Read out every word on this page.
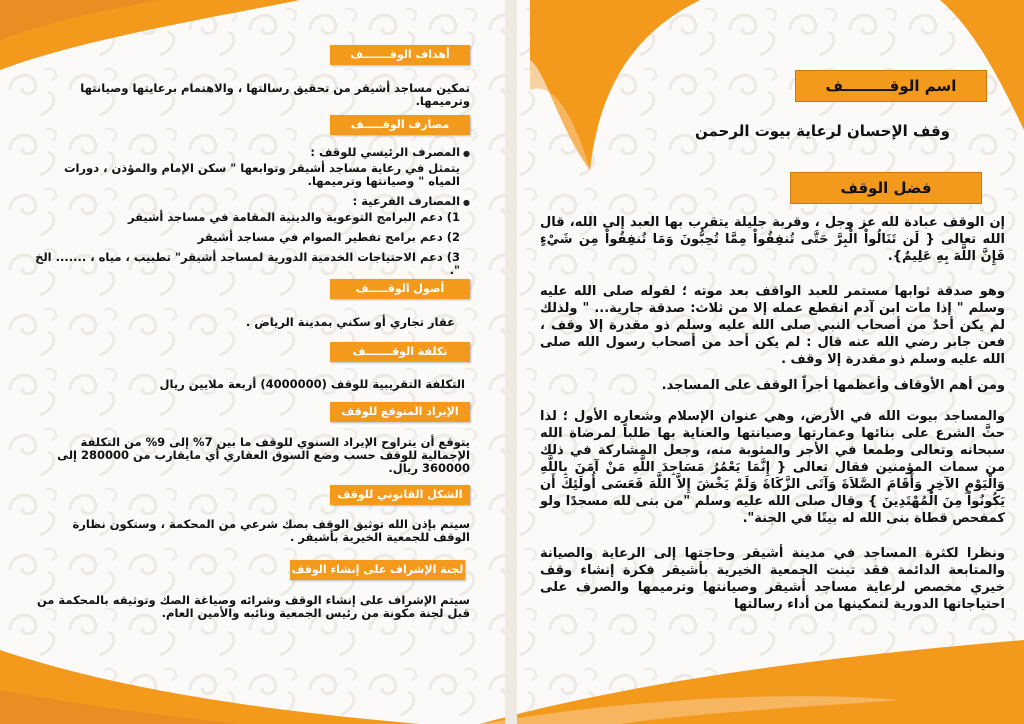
أهداف الوقـــــــف
تمكين مساجد أشيقر من تحقيق رسالتها ، والاهتمام برعايتها وصيانتها وترميمها.
مصارف الوقـــــف
● المصرف الرئيسي للوقف :
يتمثل في رعاية مساجد أشيقر وتوابعها " سكن الإمام والمؤذن ، دورات المياه " وصيانتها وترميمها.
● المصارف الفرعية :
1) دعم البرامج التوعوية والدينية المقامة في مساجد أشيقر
2) دعم برامج تفطير الصوام في مساجد أشيقر
3) دعم الاحتياجات الخدمية الدورية لمساجد أشيقر" تطبيب ، مياه ، ....... الخ ".
أصول الوقـــــف
عقار تجاري أو سكني بمدينة الرياض .
تكلفة الوقـــــــف
التكلفة التقريبية للوقف (4000000) أربعة ملايين ريال
الإيراد المتوقع للوقف
يتوقع أن يتراوح الإيراد السنوي للوقف ما بين 7% إلى 9% من التكلفة الإجمالية للوقف حسب وضع السوق العقاري أي مايقارب من 280000 إلى 360000 ريال.
الشكل القانوني للوقف
سيتم بإذن الله توثيق الوقف بصك شرعي من المحكمة ، وستكون نظارة الوقف للجمعية الخيرية بأشيقر .
لجنة الإشراف على إنشاء الوقف
سيتم الإشراف على إنشاء الوقف وشرائه وصياغة الصك وتوثيقه بالمحكمة من قبل لجنة مكونة من رئيس الجمعية ونائبه والأمين العام.
اسم الوقـــــــــف
وقف الإحسان لرعاية بيوت الرحمن
فضل الوقف
إن الوقف عبادة لله عز وجل ، وقربة جليلة يتقرب بها العبد إلى الله، قال الله تعالى { لَن تَنَالُواْ الْبِرَّ حَتَّى تُنفِقُواْ مِمَّا تُحِبُّونَ وَمَا تُنفِقُواْ مِن شَيْءٍ فَإِنَّ اللَّهَ بِهِ عَلِيمٌ}.
وهو صدقة ثوابها مستمر للعبد الواقف بعد موته ؛ لقوله صلى الله عليه وسلم " إذا مات ابن آدم انقطع عمله إلا من ثلاث: صدقة جارية... " ولذلك لم يكن أحدٌ من أصحاب النبي صلى الله عليه وسلم ذو مقدرة إلا وقف ، فعن جابر رضي الله عنه قال : لم يكن أحد من أصحاب رسول الله صلى الله عليه وسلم ذو مقدرة إلا وقف .
ومن أهم الأوقاف وأعظمها أجراً الوقف على المساجد.
والمساجد بيوت الله في الأرض، وهي عنوان الإسلام وشعاره الأول ؛ لذا حثَّ الشرع على بنائها وعمارتها وصيانتها والعناية بها طلباً لمرضاة الله سبحانه وتعالى وطمعا في الأجر والمثوبة منه، وجعل المشاركة في ذلك من سمات المؤمنين فقال تعالى { إِنَّمَا يَعْمُرُ مَسَاجِدَ اللَّهِ مَنْ آمَنَ بِاللَّهِ وَالْيَوْمِ الآخِرِ وَأَقَامَ الصَّلاَةَ وَآتَى الزَّكَاةَ وَلَمْ يَخْشَ إِلاَّ اللَّهَ فَعَسَى أُولَئِكَ أَن يَكُونُواْ مِنَ الْمُهْتَدِينَ } وقال صلى الله عليه وسلم "من بنى لله مسجدًا ولو كمفحص قطاة بنى الله له بيتًا في الجنة".
ونظرا لكثرة المساجد في مدينة أشيقر وحاجتها إلى الرعاية والصيانة والمتابعة الدائمة فقد تبنت الجمعية الخيرية بأشيقر فكرة إنشاء وقف خيري مخصص لرعاية مساجد أشيقر وصيانتها وترميمها والصرف على احتياجاتها الدورية لتمكينها من أداء رسالتها
